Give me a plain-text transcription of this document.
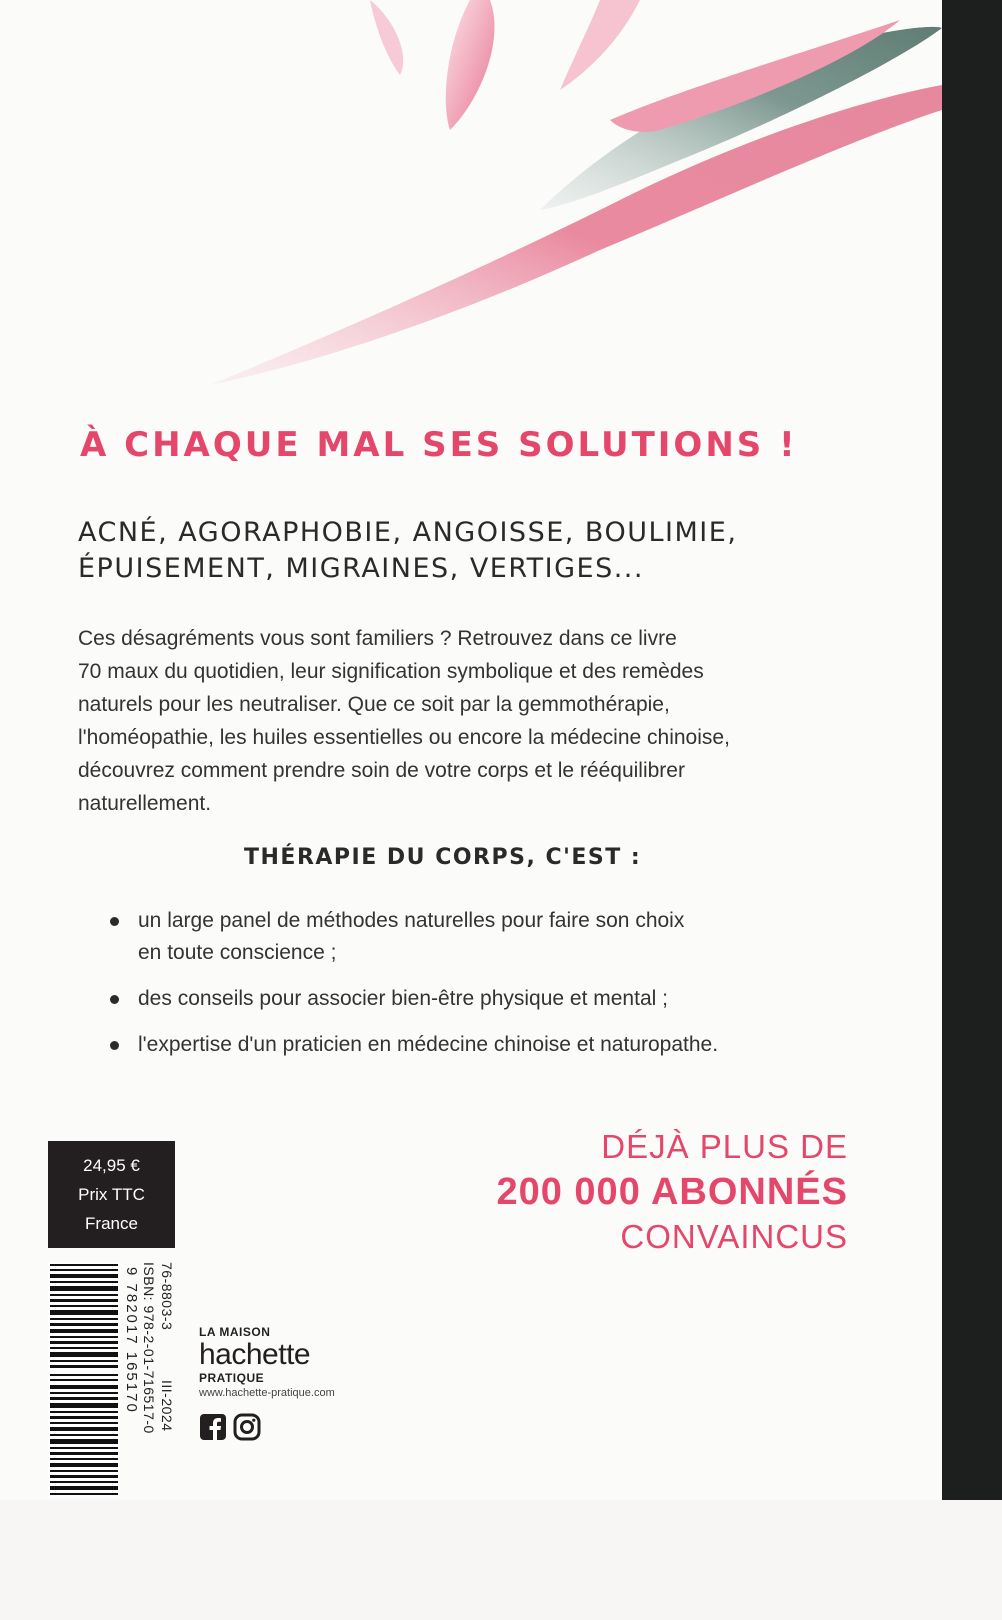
À CHAQUE MAL SES SOLUTIONS !
ACNÉ, AGORAPHOBIE, ANGOISSE, BOULIMIE,
ÉPUISEMENT, MIGRAINES, VERTIGES...
Ces désagréments vous sont familiers ? Retrouvez dans ce livre
70 maux du quotidien, leur signification symbolique et des remèdes
naturels pour les neutraliser. Que ce soit par la gemmothérapie,
l'homéopathie, les huiles essentielles ou encore la médecine chinoise,
découvrez comment prendre soin de votre corps et le rééquilibrer
naturellement.
THÉRAPIE DU CORPS, C'EST :
un large panel de méthodes naturelles pour faire son choix
en toute conscience ;
des conseils pour associer bien-être physique et mental ;
l'expertise d'un praticien en médecine chinoise et naturopathe.
24,95 €
Prix TTC
France
DÉJÀ PLUS DE
200 000 ABONNÉS
CONVAINCUS
9 782017 165170 76-8803-3
ISBN: 978-2-01-716517-0 III-2024
LA MAISON
hachette
PRATIQUE
www.hachette-pratique.com
